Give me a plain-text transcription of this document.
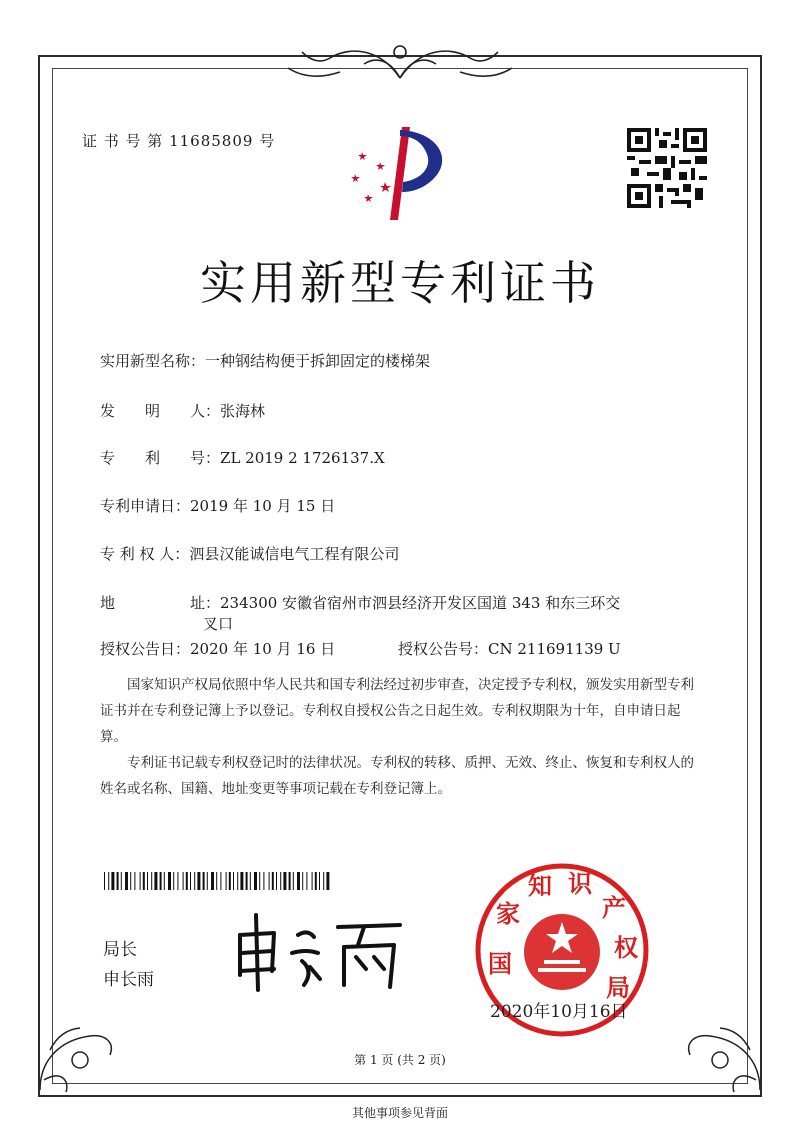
证 书 号 第 11685809 号
实用新型专利证书
实用新型名称：一种钢结构便于拆卸固定的楼梯架
发　　明　　人：张海林
专　　利　　号：ZL 2019 2 1726137.X
专利申请日：2019 年 10 月 15 日
专 利 权 人：泗县汉能诚信电气工程有限公司
地　　　　　址：234300 安徽省宿州市泗县经济开发区国道 343 和东三环交
叉口
授权公告日：2020 年 10 月 16 日	授权公告号：CN 211691139 U

国家知识产权局依照中华人民共和国专利法经过初步审查，决定授予专利权，颁发实用新型专利证书并在专利登记簿上予以登记。专利权自授权公告之日起生效。专利权期限为十年，自申请日起算。

专利证书记载专利权登记时的法律状况。专利权的转移、质押、无效、终止、恢复和专利权人的姓名或名称、国籍、地址变更等事项记载在专利登记簿上。

局长
申长雨
国
家
知 识
产
权
局
2020年10月16日
第 1 页 (共 2 页)
其他事项参见背面
